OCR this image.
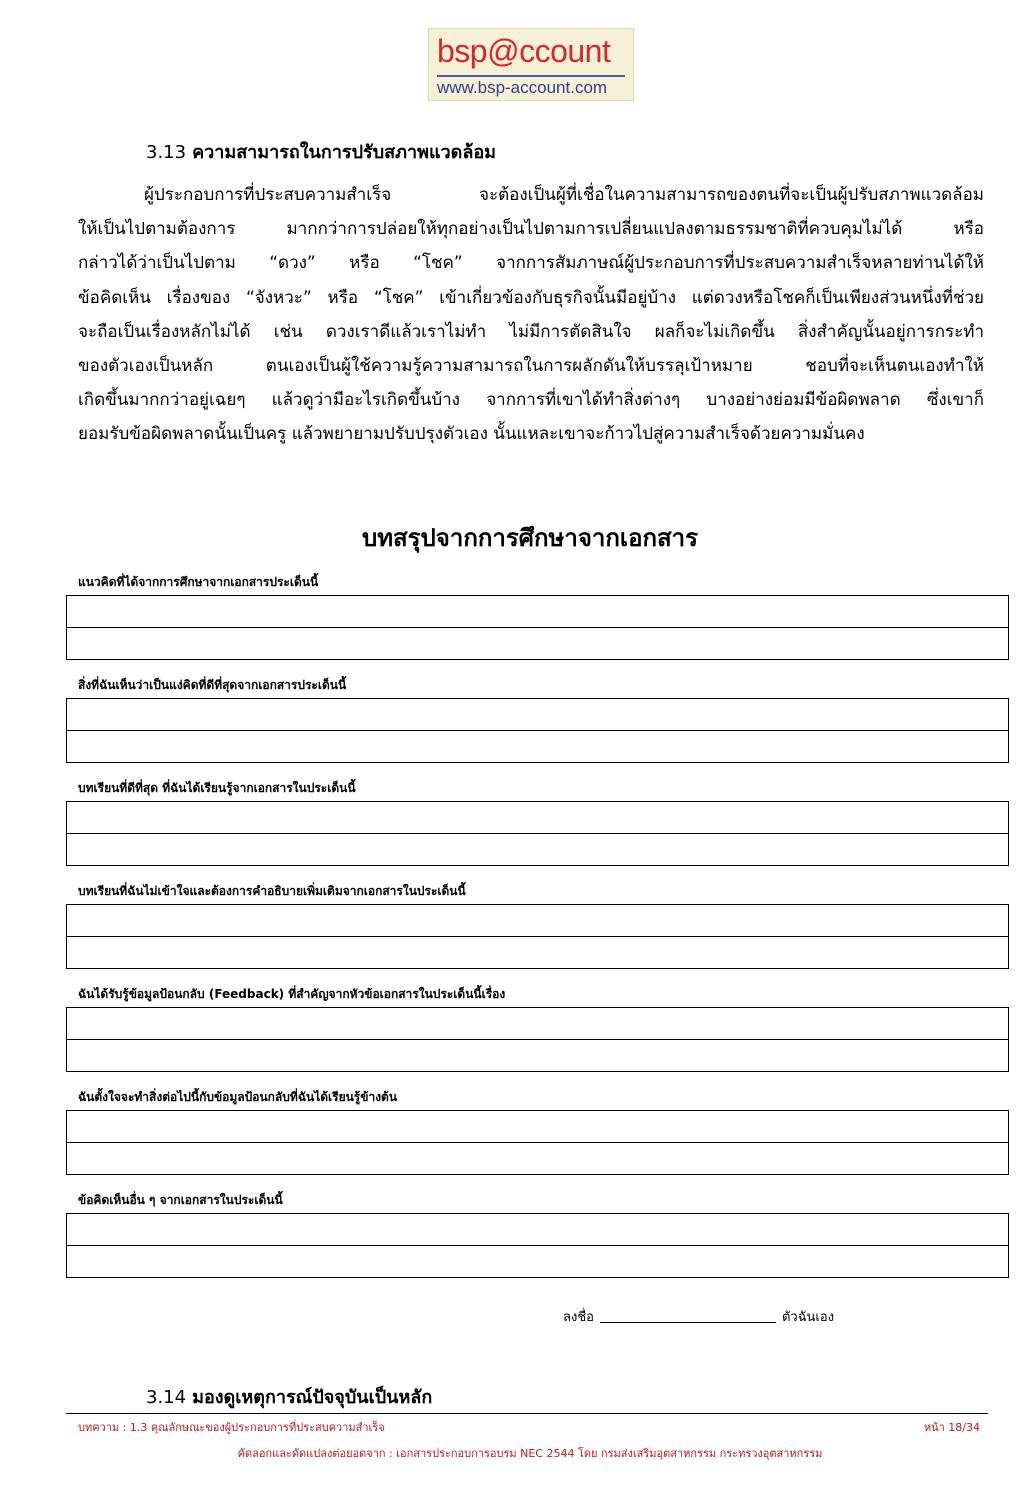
bsp@ccount
www.bsp-account.com
3.13 ความสามารถในการปรับสภาพแวดล้อม
ผู้ประกอบการที่ประสบความสำเร็จ จะต้องเป็นผู้ที่เชื่อในความสามารถของตนที่จะเป็นผู้ปรับสภาพแวดล้อม
ให้เป็นไปตามต้องการ มากกว่าการปล่อยให้ทุกอย่างเป็นไปตามการเปลี่ยนแปลงตามธรรมชาติที่ควบคุมไม่ได้ หรือ
กล่าวได้ว่าเป็นไปตาม “ดวง” หรือ “โชค” จากการสัมภาษณ์ผู้ประกอบการที่ประสบความสำเร็จหลายท่านได้ให้
ข้อคิดเห็น เรื่องของ “จังหวะ” หรือ “โชค” เข้าเกี่ยวข้องกับธุรกิจนั้นมีอยู่บ้าง แต่ดวงหรือโชคก็เป็นเพียงส่วนหนึ่งที่ช่วย
จะถือเป็นเรื่องหลักไม่ได้ เช่น ดวงเราดีแล้วเราไม่ทำ ไม่มีการตัดสินใจ ผลก็จะไม่เกิดขึ้น สิ่งสำคัญนั้นอยู่การกระทำ
ของตัวเองเป็นหลัก ตนเองเป็นผู้ใช้ความรู้ความสามารถในการผลักดันให้บรรลุเป้าหมาย ชอบที่จะเห็นตนเองทำให้
เกิดขึ้นมากกว่าอยู่เฉยๆ แล้วดูว่ามีอะไรเกิดขึ้นบ้าง จากการที่เขาได้ทำสิ่งต่างๆ บางอย่างย่อมมีข้อผิดพลาด ซึ่งเขาก็
ยอมรับข้อผิดพลาดนั้นเป็นครู แล้วพยายามปรับปรุงตัวเอง นั้นแหละเขาจะก้าวไปสู่ความสำเร็จด้วยความมั่นคง
บทสรุปจากการศึกษาจากเอกสาร
แนวคิดที่ได้จากการศึกษาจากเอกสารประเด็นนี้
สิ่งที่ฉันเห็นว่าเป็นแง่คิดที่ดีที่สุดจากเอกสารประเด็นนี้
บทเรียนที่ดีที่สุด ที่ฉันได้เรียนรู้จากเอกสารในประเด็นนี้
บทเรียนที่ฉันไม่เข้าใจและต้องการคำอธิบายเพิ่มเติมจากเอกสารในประเด็นนี้
ฉันได้รับรู้ข้อมูลป้อนกลับ (Feedback) ที่สำคัญจากหัวข้อเอกสารในประเด็นนี้เรื่อง
ฉันตั้งใจจะทำสิ่งต่อไปนี้กับข้อมูลป้อนกลับที่ฉันได้เรียนรู้ข้างต้น
ข้อคิดเห็นอื่น ๆ จากเอกสารในประเด็นนี้
ลงชื่อ	ตัวฉันเอง
3.14 มองดูเหตุการณ์ปัจจุบันเป็นหลัก
บทความ : 1.3 คุณลักษณะของผู้ประกอบการที่ประสบความสำเร็จ	หน้า 18/34
คัดลอกและดัดแปลงต่อยอดจาก : เอกสารประกอบการอบรม NEC 2544 โดย กรมส่งเสริมอุตสาหกรรม กระทรวงอุตสาหกรรม
